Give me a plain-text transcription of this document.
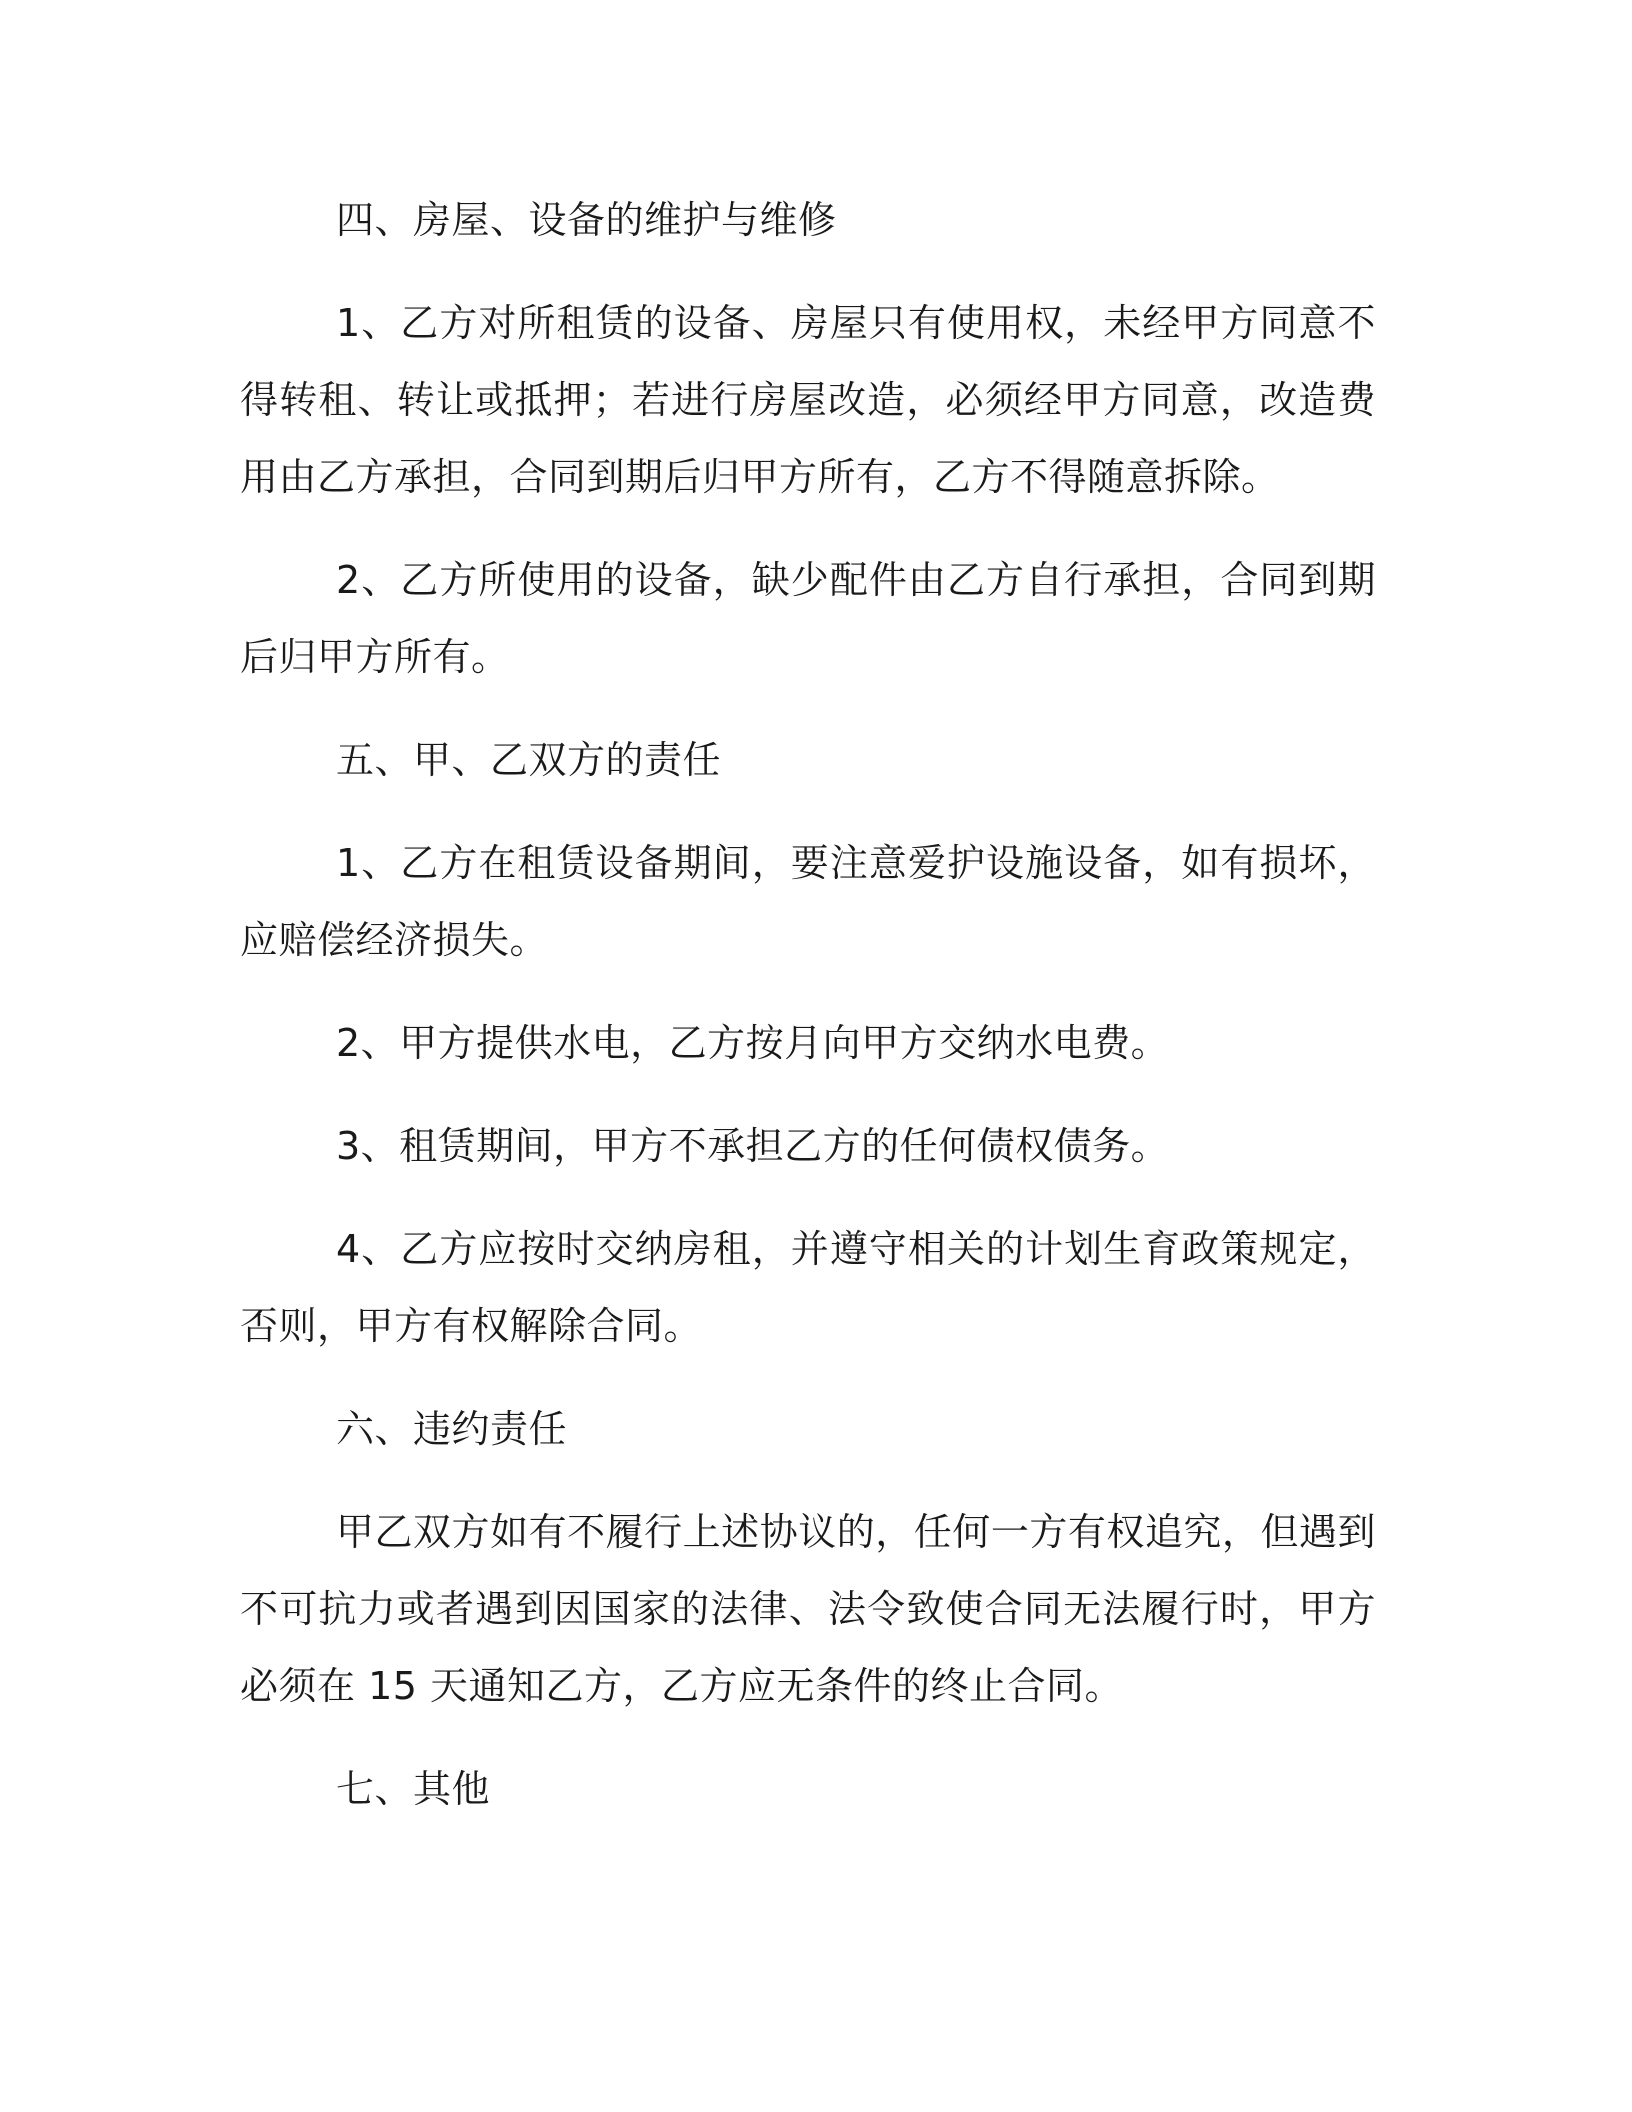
四、房屋、设备的维护与维修

1、乙方对所租赁的设备、房屋只有使用权，未经甲方同意不得转租、转让或抵押；若进行房屋改造，必须经甲方同意，改造费用由乙方承担，合同到期后归甲方所有，乙方不得随意拆除。

2、乙方所使用的设备，缺少配件由乙方自行承担，合同到期后归甲方所有。

五、甲、乙双方的责任

1、乙方在租赁设备期间，要注意爱护设施设备，如有损坏，应赔偿经济损失。

2、甲方提供水电，乙方按月向甲方交纳水电费。

3、租赁期间，甲方不承担乙方的任何债权债务。

4、乙方应按时交纳房租，并遵守相关的计划生育政策规定，否则，甲方有权解除合同。

六、违约责任

甲乙双方如有不履行上述协议的，任何一方有权追究，但遇到不可抗力或者遇到因国家的法律、法令致使合同无法履行时，甲方必须在 15 天通知乙方，乙方应无条件的终止合同。

七、其他
